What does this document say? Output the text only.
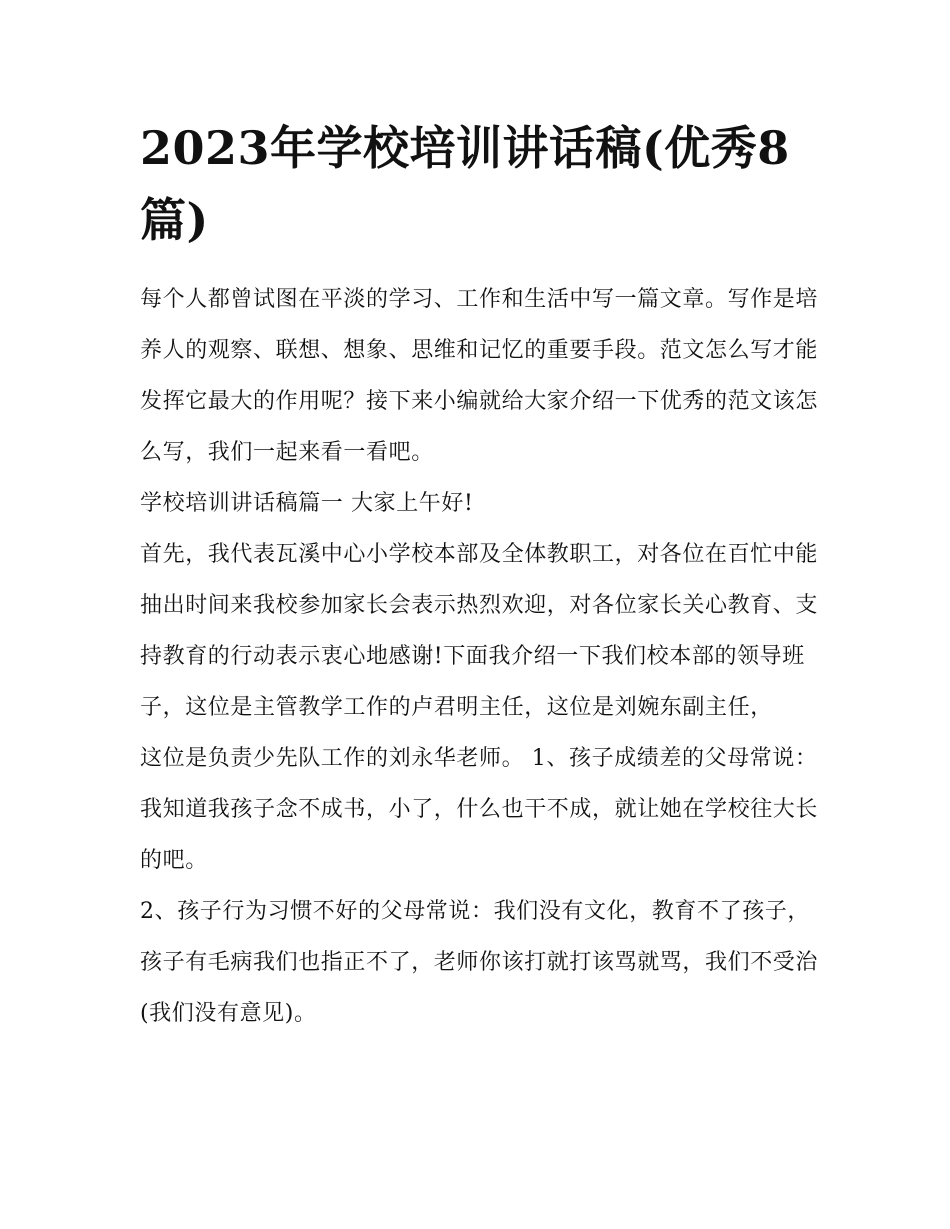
2023年学校培训讲话稿(优秀8篇)

每个人都曾试图在平淡的学习、工作和生活中写一篇文章。写作是培养人的观察、联想、想象、思维和记忆的重要手段。范文怎么写才能发挥它最大的作用呢？接下来小编就给大家介绍一下优秀的范文该怎么写，我们一起来看一看吧。

学校培训讲话稿篇一 大家上午好!

首先，我代表瓦溪中心小学校本部及全体教职工，对各位在百忙中能抽出时间来我校参加家长会表示热烈欢迎，对各位家长关心教育、支持教育的行动表示衷心地感谢!下面我介绍一下我们校本部的领导班子，这位是主管教学工作的卢君明主任，这位是刘婉东副主任，

这位是负责少先队工作的刘永华老师。 1、孩子成绩差的父母常说：我知道我孩子念不成书，小了，什么也干不成，就让她在学校往大长的吧。

2、孩子行为习惯不好的父母常说：我们没有文化，教育不了孩子，孩子有毛病我们也指正不了，老师你该打就打该骂就骂，我们不受治(我们没有意见)。
